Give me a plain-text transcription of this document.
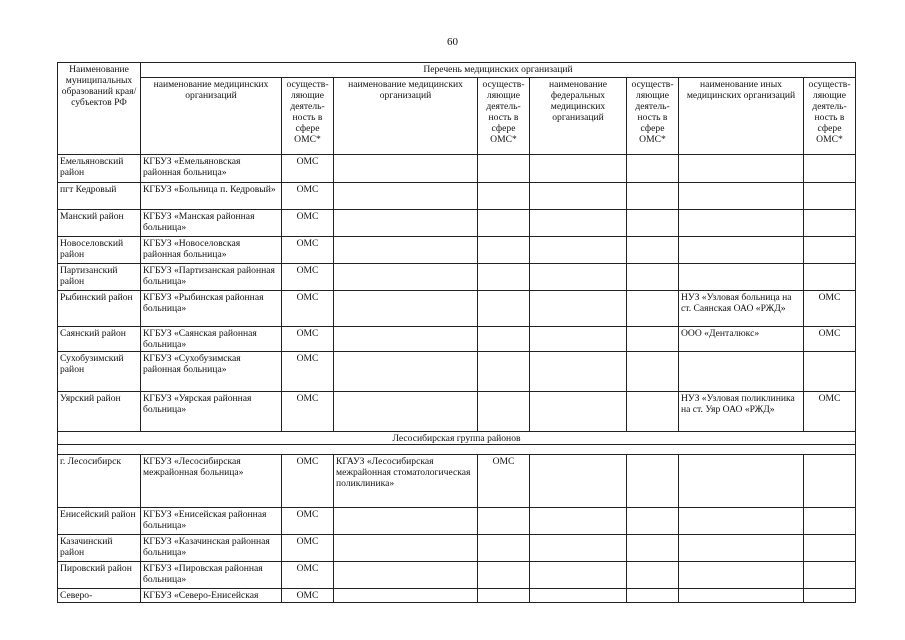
60
Наименование муниципальных образований края/субъектов РФ	Перечень медицинских организаций							
	наименование медицинских организаций	осуществ-ляющие деятель-ность в сфере ОМС*	наименование медицинских организаций	осуществ-ляющие деятель-ность в сфере ОМС*	наименование федеральных медицинских организаций	осуществ-ляющие деятель-ность в сфере ОМС*	наименование иных медицинских организаций	осуществ-ляющие деятель-ность в сфере ОМС*
Емельяновский район	КГБУЗ «Емельяновская районная больница»	ОМС						
пгт Кедровый	КГБУЗ «Больница п. Кедровый»	ОМС						
Манский район	КГБУЗ «Манская районная больница»	ОМС						
Новоселовский район	КГБУЗ «Новоселовская районная больница»	ОМС						
Партизанский район	КГБУЗ «Партизанская районная больница»	ОМС						
Рыбинский район	КГБУЗ «Рыбинская районная больница»	ОМС					НУЗ «Узловая больница на ст. Саянская ОАО «РЖД»	ОМС
Саянский район	КГБУЗ «Саянская районная больница»	ОМС					ООО «Денталюкс»	ОМС
Сухобузимский район	КГБУЗ «Сухобузимская районная больница»	ОМС						
Уярский район	КГБУЗ «Уярская районная больница»	ОМС					НУЗ «Узловая поликлиника на ст. Уяр ОАО «РЖД»	ОМС
Лесосибирская группа районов								

г. Лесосибирск	КГБУЗ «Лесосибирская межрайонная больница»	ОМС	КГАУЗ «Лесосибирская межрайонная стоматологическая поликлиника»	ОМС				
Енисейский район	КГБУЗ «Енисейская районная больница»	ОМС						
Казачинский район	КГБУЗ «Казачинская районная больница»	ОМС						
Пировский район	КГБУЗ «Пировская районная больница»	ОМС						
Северо-	КГБУЗ «Северо-Енисейская	ОМС						
